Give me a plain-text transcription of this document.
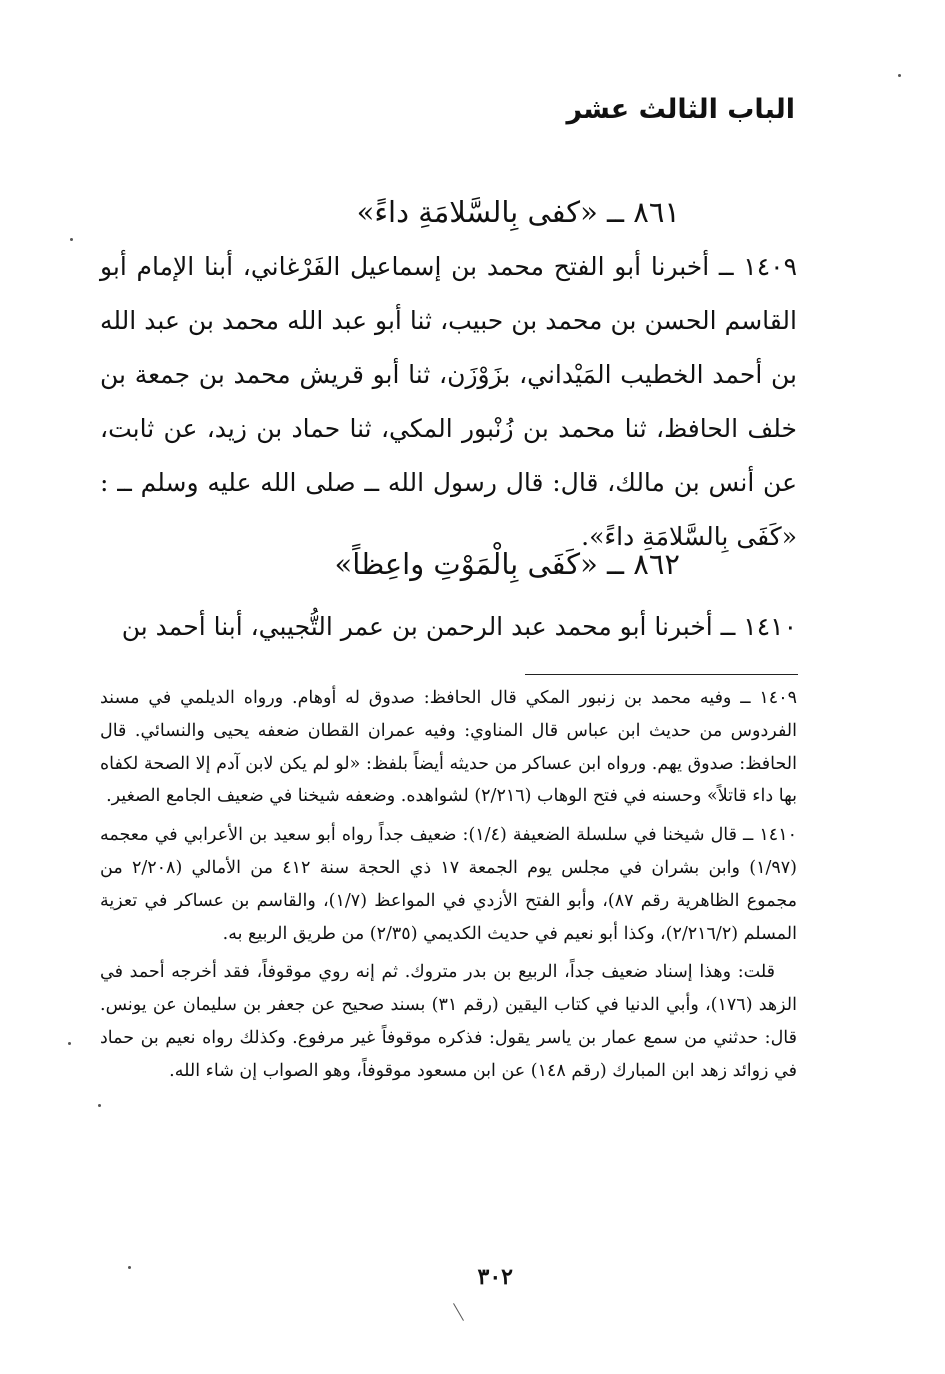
الباب الثالث عشر
٨٦١ ــ «كفى بِالسَّلامَةِ داءً»
١٤٠٩ ــ أخبرنا أبو الفتح محمد بن إسماعيل الفَرْغاني، أبنا الإمام أبو القاسم الحسن بن محمد بن حبيب، ثنا أبو عبد الله محمد بن عبد الله بن أحمد الخطيب المَيْداني، بزَوْزَن، ثنا أبو قريش محمد بن جمعة بن خلف الحافظ، ثنا محمد بن زُنْبور المكي، ثنا حماد بن زيد، عن ثابت، عن أنس بن مالك، قال: قال رسول الله ــ صلى الله عليه وسلم ــ : «كَفَى بِالسَّلامَةِ داءً».
٨٦٢ ــ «كَفَى بِالْمَوْتِ واعِظاً»
١٤١٠ ــ أخبرنا أبو محمد عبد الرحمن بن عمر التُّجيبي، أبنا أحمد بن

١٤٠٩ ــ وفيه محمد بن زنبور المكي قال الحافظ: صدوق له أوهام. ورواه الديلمي في مسند الفردوس من حديث ابن عباس قال المناوي: وفيه عمران القطان ضعفه يحيى والنسائي. قال الحافظ: صدوق يهم. ورواه ابن عساكر من حديثه أيضاً بلفظ: «لو لم يكن لابن آدم إلا الصحة لكفاه بها داء قاتلاً» وحسنه في فتح الوهاب (٢/٢١٦) لشواهده. وضعفه شيخنا في ضعيف الجامع الصغير.

١٤١٠ ــ قال شيخنا في سلسلة الضعيفة (١/٤): ضعيف جداً رواه أبو سعيد بن الأعرابي في معجمه (١/٩٧) وابن بشران في مجلس يوم الجمعة ١٧ ذي الحجة سنة ٤١٢ من الأمالي (٢/٢٠٨ من مجموع الظاهرية رقم ٨٧)، وأبو الفتح الأزدي في المواعظ (١/٧)، والقاسم بن عساكر في تعزية المسلم (٢/٢١٦/٢)، وكذا أبو نعيم في حديث الكديمي (٢/٣٥) من طريق الربيع به.

قلت: وهذا إسناد ضعيف جداً، الربيع بن بدر متروك. ثم إنه روي موقوفاً، فقد أخرجه أحمد في الزهد (١٧٦)، وأبي الدنيا في كتاب اليقين (رقم ٣١) بسند صحيح عن جعفر بن سليمان عن يونس. قال: حدثني من سمع عمار بن ياسر يقول: فذكره موقوفاً غير مرفوع. وكذلك رواه نعيم بن حماد في زوائد زهد ابن المبارك (رقم ١٤٨) عن ابن مسعود موقوفاً، وهو الصواب إن شاء الله.

٣٠٢
